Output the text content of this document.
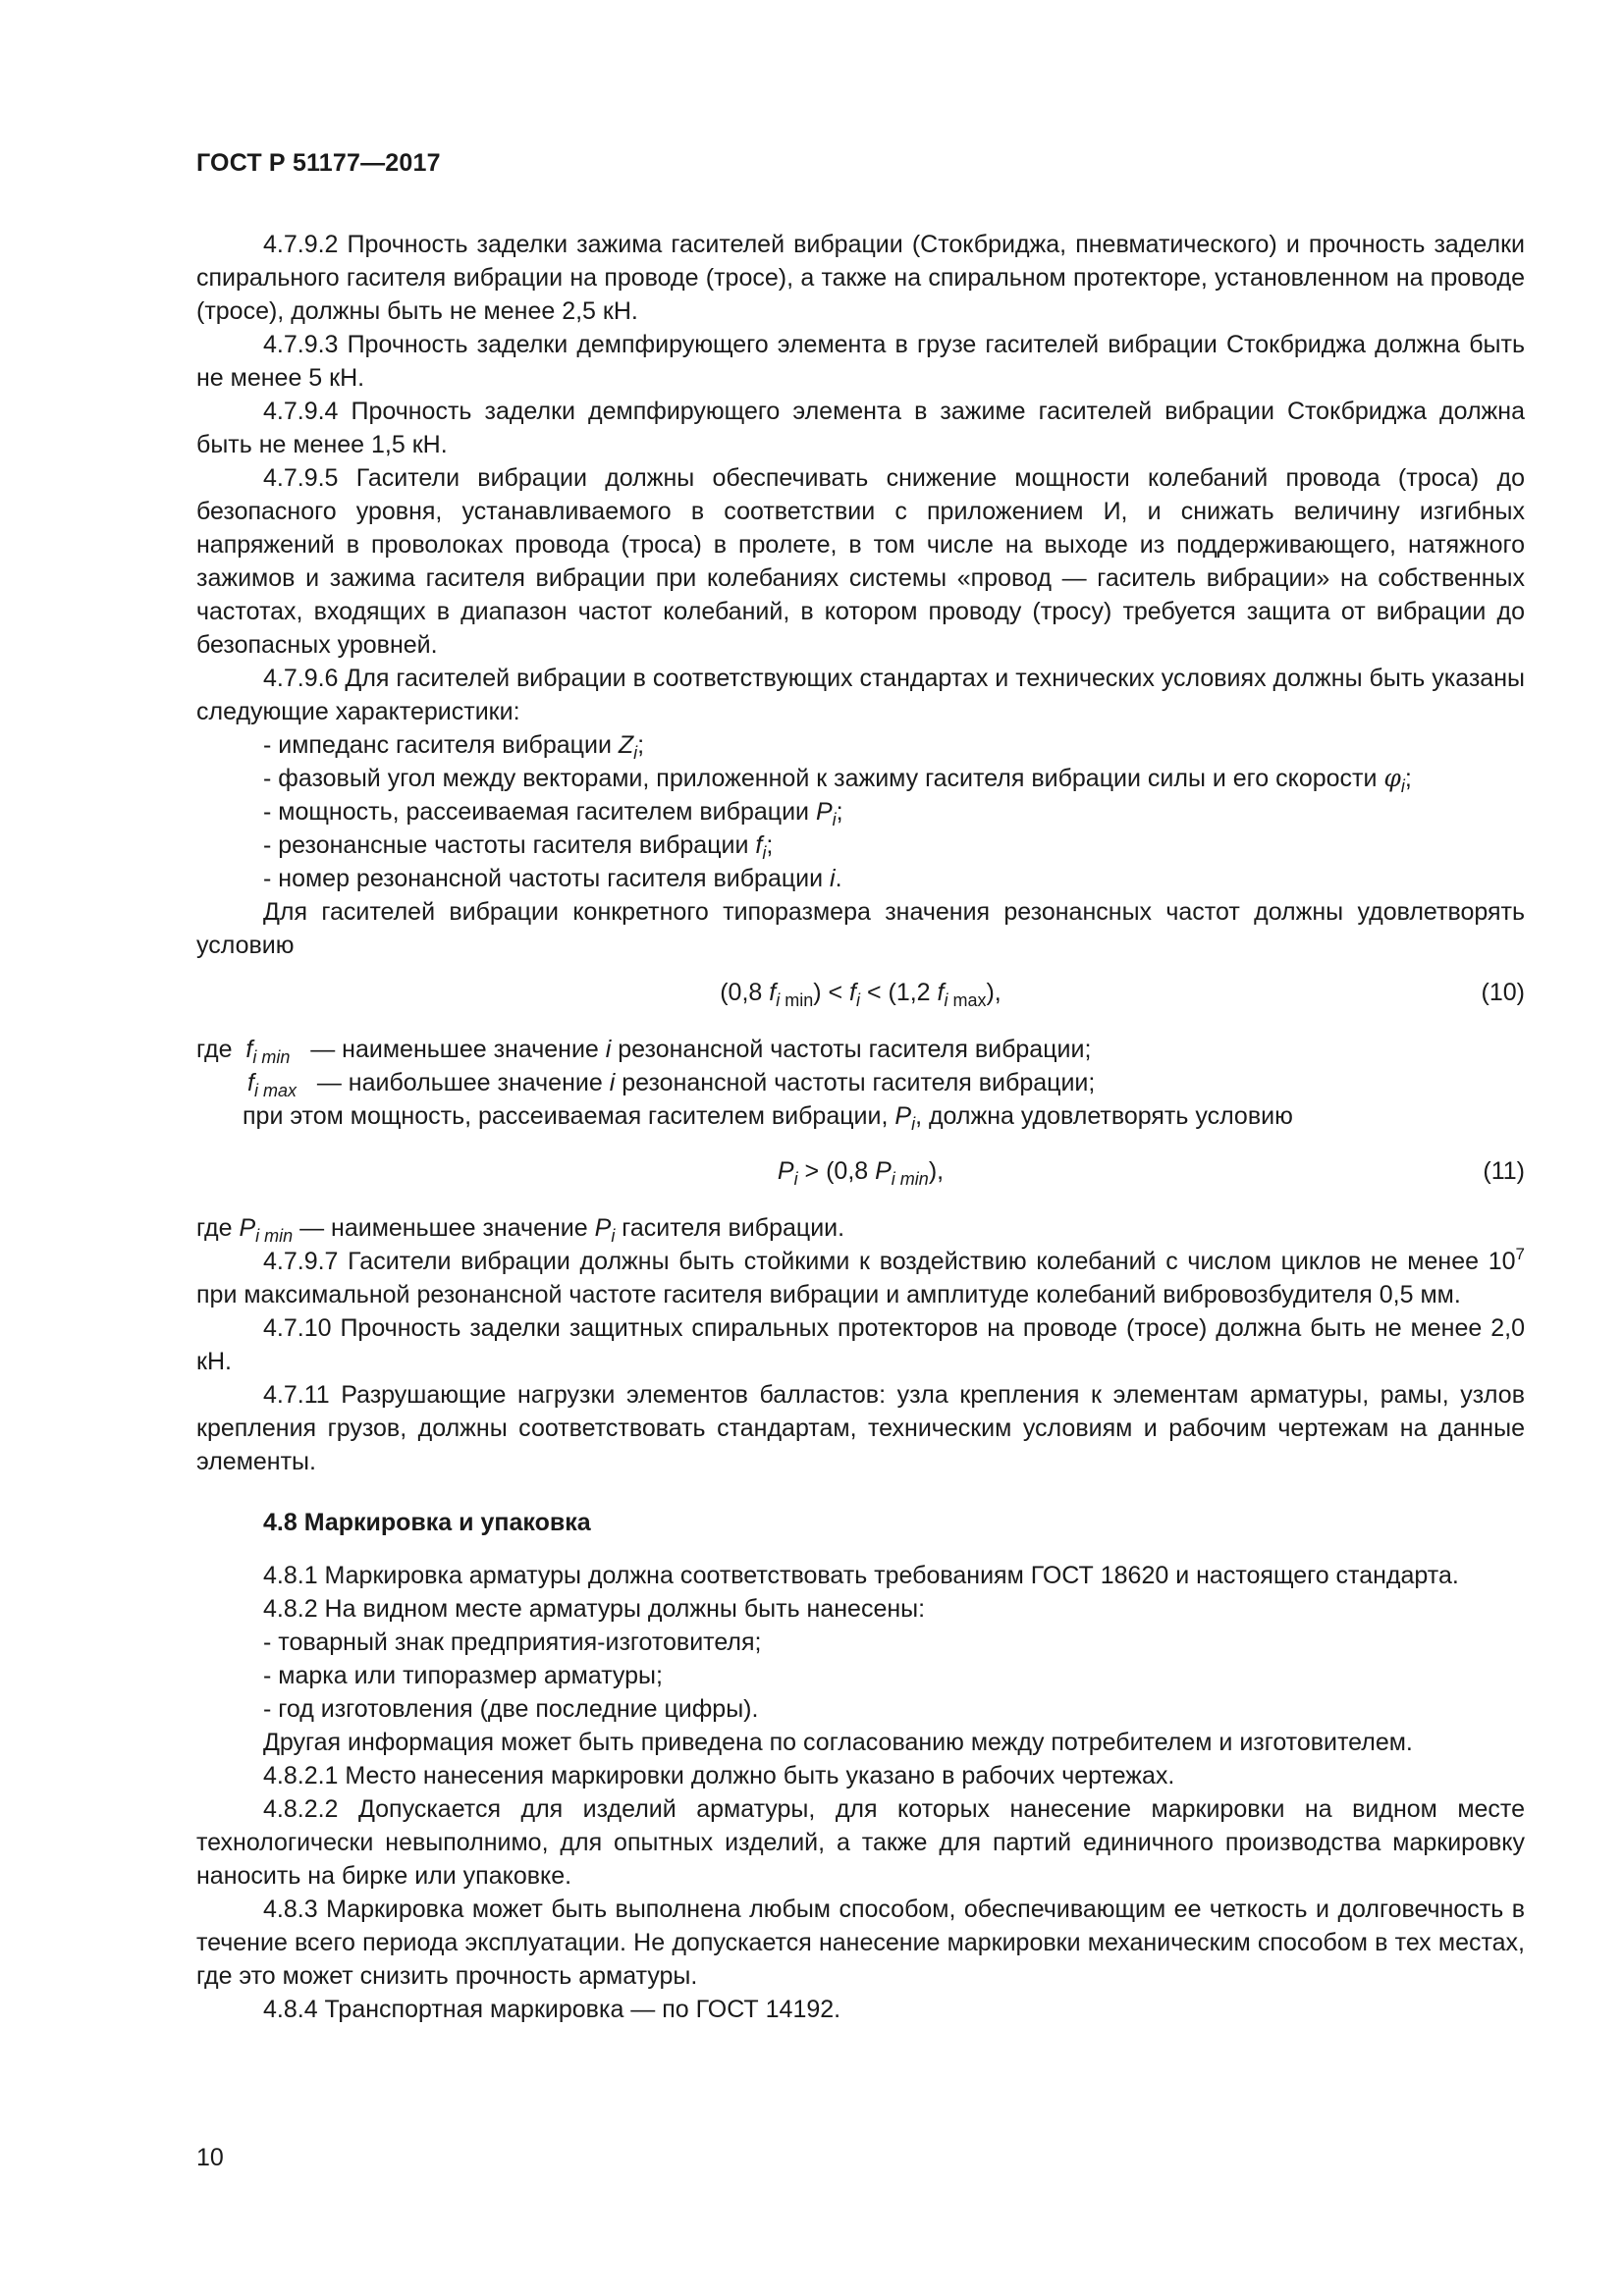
ГОСТ Р 51177—2017

4.7.9.2 Прочность заделки зажима гасителей вибрации (Стокбриджа, пневматического) и прочность заделки спирального гасителя вибрации на проводе (тросе), а также на спиральном протекторе, установленном на проводе (тросе), должны быть не менее 2,5 кН.

4.7.9.3 Прочность заделки демпфирующего элемента в грузе гасителей вибрации Стокбриджа должна быть не менее 5 кН.

4.7.9.4 Прочность заделки демпфирующего элемента в зажиме гасителей вибрации Стокбриджа должна быть не менее 1,5 кН.

4.7.9.5 Гасители вибрации должны обеспечивать снижение мощности колебаний провода (троса) до безопасного уровня, устанавливаемого в соответствии с приложением И, и снижать величину изгибных напряжений в проволоках провода (троса) в пролете, в том числе на выходе из поддерживающего, натяжного зажимов и зажима гасителя вибрации при колебаниях системы «провод — гаситель вибрации» на собственных частотах, входящих в диапазон частот колебаний, в котором проводу (тросу) требуется защита от вибрации до безопасных уровней.

4.7.9.6 Для гасителей вибрации в соответствующих стандартах и технических условиях должны быть указаны следующие характеристики:

- импеданс гасителя вибрации $Z_i$;

- фазовый угол между векторами, приложенной к зажиму гасителя вибрации силы и его скорости $\varphi_i$;

- мощность, рассеиваемая гасителем вибрации $P_i$;

- резонансные частоты гасителя вибрации $f_i$;

- номер резонансной частоты гасителя вибрации i.

Для гасителей вибрации конкретного типоразмера значения резонансных частот должны удовлетворять условию

(0,8 $f_{i min}) < f_i < (1,2$ $f_{i max}$),	(10)

где $f_{i min}$   — наименьшее значение i резонансной частоты гасителя вибрации;

$f_{i max}$   — наибольшее значение i резонансной частоты гасителя вибрации;

при этом мощность, рассеиваемая гасителем вибрации, $P_i$, должна удовлетворять условию

$P_i > (0,8$ $P_{i min}$),	(11)

где $P_{i min}$ — наименьшее значение $P_i$ гасителя вибрации.

4.7.9.7 Гасители вибрации должны быть стойкими к воздействию колебаний с числом циклов не менее $10^7$ при максимальной резонансной частоте гасителя вибрации и амплитуде колебаний вибровозбудителя 0,5 мм.

4.7.10 Прочность заделки защитных спиральных протекторов на проводе (тросе) должна быть не менее 2,0 кН.

4.7.11 Разрушающие нагрузки элементов балластов: узла крепления к элементам арматуры, рамы, узлов крепления грузов, должны соответствовать стандартам, техническим условиям и рабочим чертежам на данные элементы.

4.8 Маркировка и упаковка

4.8.1 Маркировка арматуры должна соответствовать требованиям ГОСТ 18620 и настоящего стандарта.

4.8.2 На видном месте арматуры должны быть нанесены:

- товарный знак предприятия-изготовителя;

- марка или типоразмер арматуры;

- год изготовления (две последние цифры).

Другая информация может быть приведена по согласованию между потребителем и изготовителем.

4.8.2.1 Место нанесения маркировки должно быть указано в рабочих чертежах.

4.8.2.2 Допускается для изделий арматуры, для которых нанесение маркировки на видном месте технологически невыполнимо, для опытных изделий, а также для партий единичного производства маркировку наносить на бирке или упаковке.

4.8.3 Маркировка может быть выполнена любым способом, обеспечивающим ее четкость и долговечность в течение всего периода эксплуатации. Не допускается нанесение маркировки механическим способом в тех местах, где это может снизить прочность арматуры.

4.8.4 Транспортная маркировка — по ГОСТ 14192.

10
